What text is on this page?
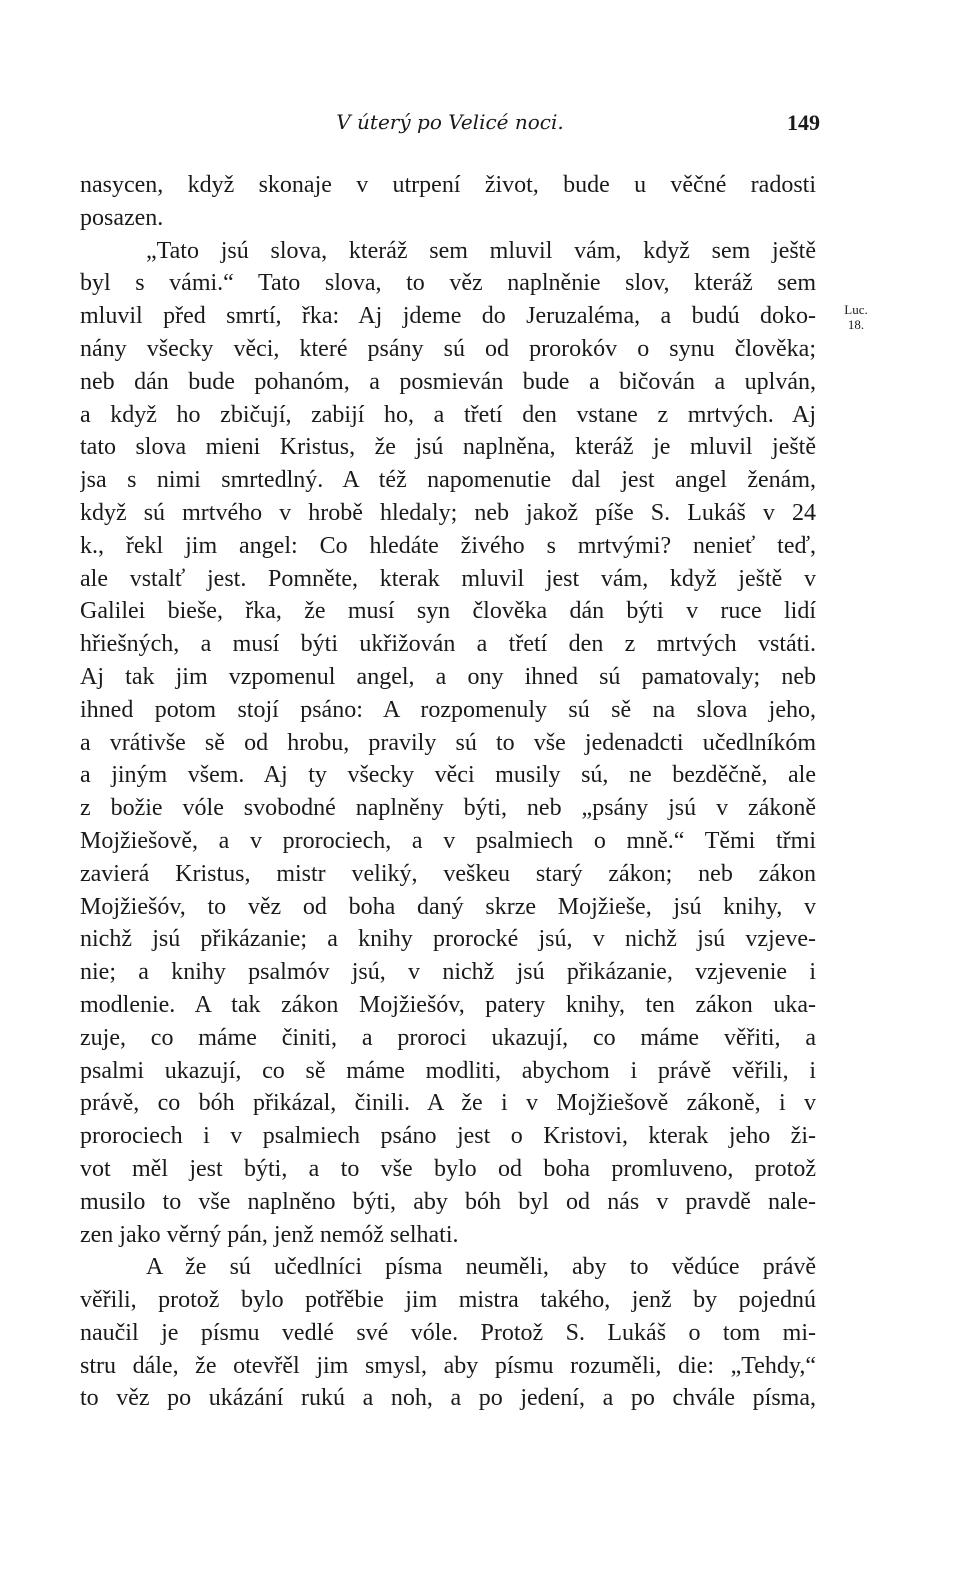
V úterý po Velicé noci.	149
Luc.
18.
nasycen, když skonaje v utrpení život, bude u věčné radosti
posazen.
„Tato jsú slova, kteráž sem mluvil vám, když sem ještě
byl s vámi.“ Tato slova, to věz naplněnie slov, kteráž sem
mluvil před smrtí, řka: Aj jdeme do Jeruzaléma, a budú doko-
nány všecky věci, které psány sú od prorokóv o synu člověka;
neb dán bude pohanóm, a posmieván bude a bičován a uplván,
a když ho zbičují, zabijí ho, a třetí den vstane z mrtvých. Aj
tato slova mieni Kristus, že jsú naplněna, kteráž je mluvil ještě
jsa s nimi smrtedlný. A též napomenutie dal jest angel ženám,
když sú mrtvého v hrobě hledaly; neb jakož píše S. Lukáš v 24
k., řekl jim angel: Co hledáte živého s mrtvými? nenieť teď,
ale vstalť jest. Pomněte, kterak mluvil jest vám, když ještě v
Galilei bieše, řka, že musí syn člověka dán býti v ruce lidí
hřiešných, a musí býti ukřižován a třetí den z mrtvých vstáti.
Aj tak jim vzpomenul angel, a ony ihned sú pamatovaly; neb
ihned potom stojí psáno: A rozpomenuly sú sě na slova jeho,
a vrátivše sě od hrobu, pravily sú to vše jedenadcti učedlníkóm
a jiným všem. Aj ty všecky věci musily sú, ne bezděčně, ale
z božie vóle svobodné naplněny býti, neb „psány jsú v zákoně
Mojžiešově, a v prorociech, a v psalmiech o mně.“ Těmi třmi
zavierá Kristus, mistr veliký, veškeu starý zákon; neb zákon
Mojžiešóv, to věz od boha daný skrze Mojžieše, jsú knihy, v
nichž jsú přikázanie; a knihy prorocké jsú, v nichž jsú vzjeve-
nie; a knihy psalmóv jsú, v nichž jsú přikázanie, vzjevenie i
modlenie. A tak zákon Mojžiešóv, patery knihy, ten zákon uka-
zuje, co máme činiti, a proroci ukazují, co máme věřiti, a
psalmi ukazují, co sě máme modliti, abychom i právě věřili, i
právě, co bóh přikázal, činili. A že i v Mojžiešově zákoně, i v
prorociech i v psalmiech psáno jest o Kristovi, kterak jeho ži-
vot měl jest býti, a to vše bylo od boha promluveno, protož
musilo to vše naplněno býti, aby bóh byl od nás v pravdě nale-
zen jako věrný pán, jenž nemóž selhati.
A že sú učedlníci písma neuměli, aby to vědúce právě
věřili, protož bylo potřěbie jim mistra takého, jenž by pojednú
naučil je písmu vedlé své vóle. Protož S. Lukáš o tom mi-
stru dále, že otevřěl jim smysl, aby písmu rozuměli, die: „Tehdy,“
to věz po ukázání rukú a noh, a po jedení, a po chvále písma,
